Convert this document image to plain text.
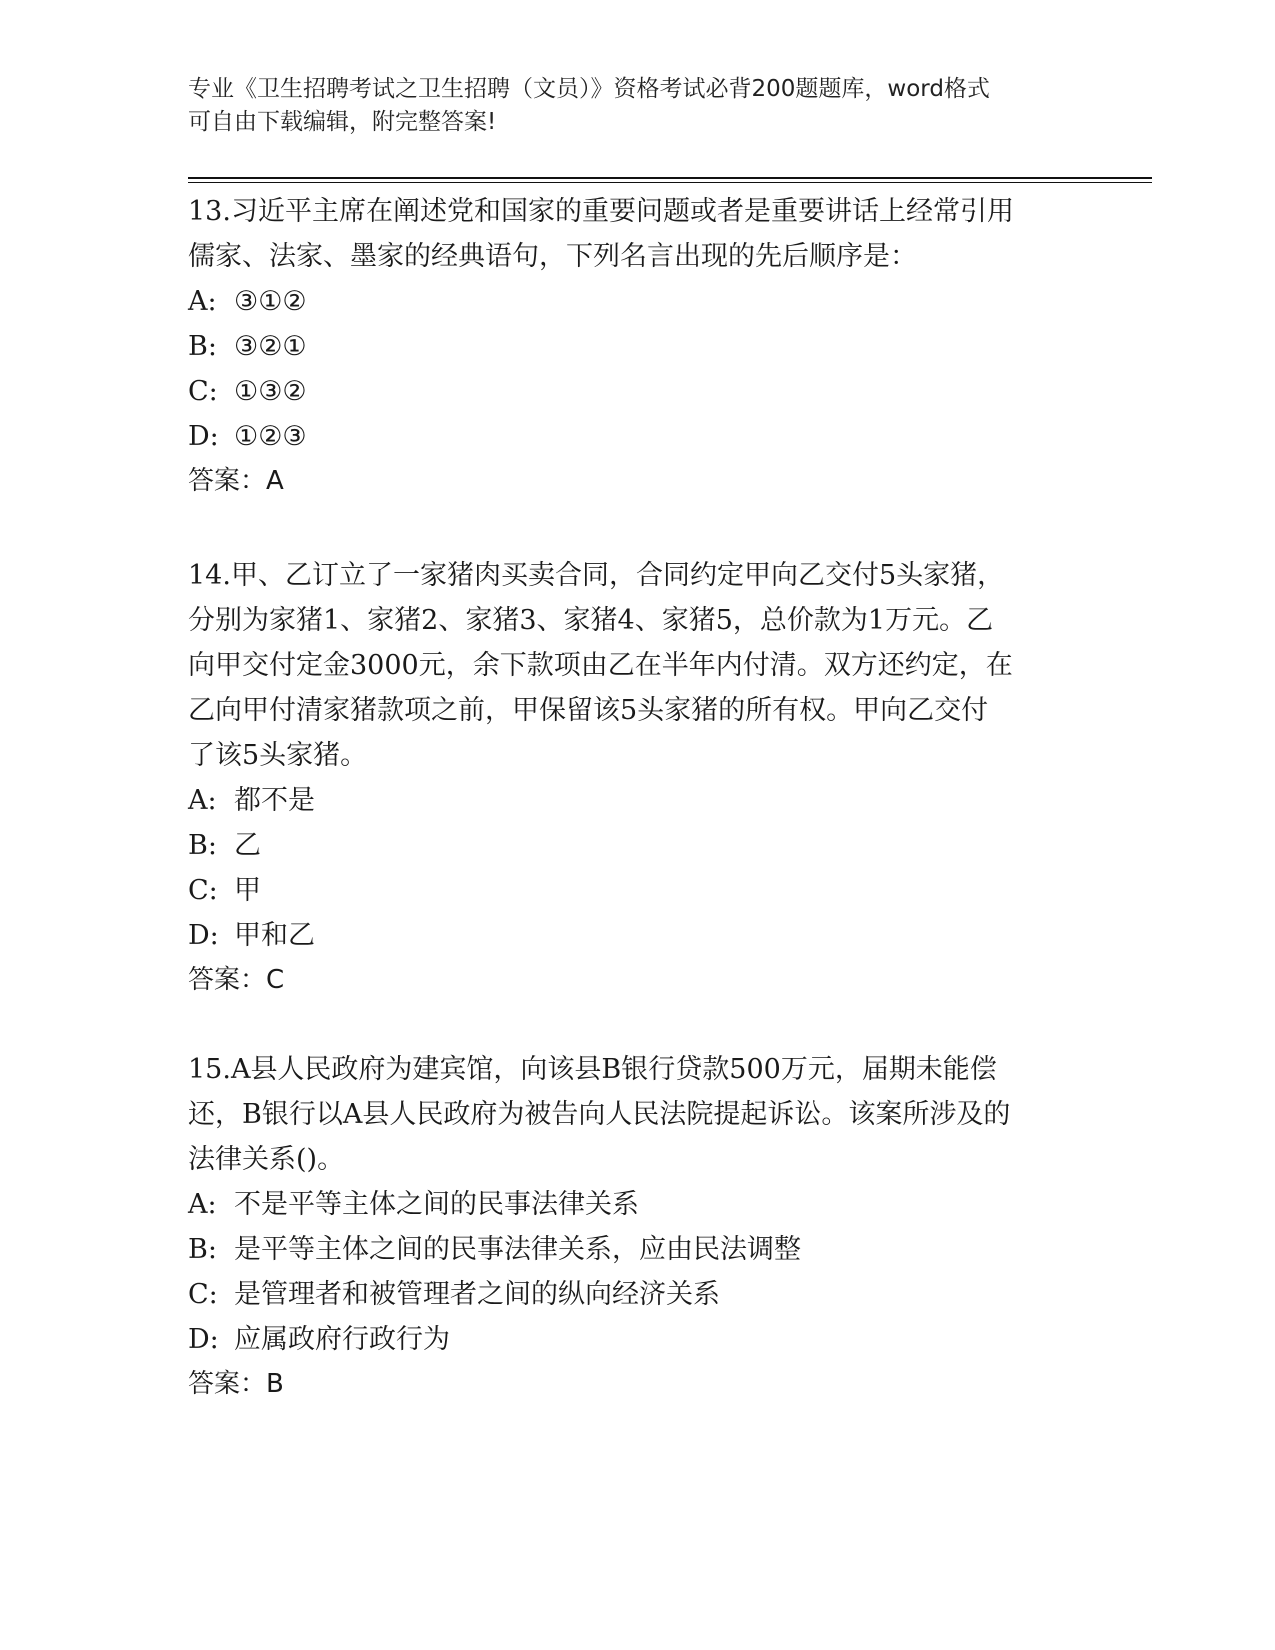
专业《卫生招聘考试之卫生招聘（文员）》资格考试必背200题题库，word格式
可自由下载编辑，附完整答案!
13.习近平主席在阐述党和国家的重要问题或者是重要讲话上经常引用
儒家、法家、墨家的经典语句，下列名言出现的先后顺序是：
A: ③①②
B: ③②①
C: ①③②
D: ①②③
答案：A
14.甲、乙订立了一家猪肉买卖合同，合同约定甲向乙交付5头家猪，
分别为家猪1、家猪2、家猪3、家猪4、家猪5，总价款为1万元。乙
向甲交付定金3000元，余下款项由乙在半年内付清。双方还约定，在
乙向甲付清家猪款项之前，甲保留该5头家猪的所有权。甲向乙交付
了该5头家猪。
A: 都不是
B: 乙
C: 甲
D: 甲和乙
答案：C
15.A县人民政府为建宾馆，向该县B银行贷款500万元，届期未能偿
还，B银行以A县人民政府为被告向人民法院提起诉讼。该案所涉及的
法律关系()。
A: 不是平等主体之间的民事法律关系
B: 是平等主体之间的民事法律关系，应由民法调整
C: 是管理者和被管理者之间的纵向经济关系
D: 应属政府行政行为
答案：B
